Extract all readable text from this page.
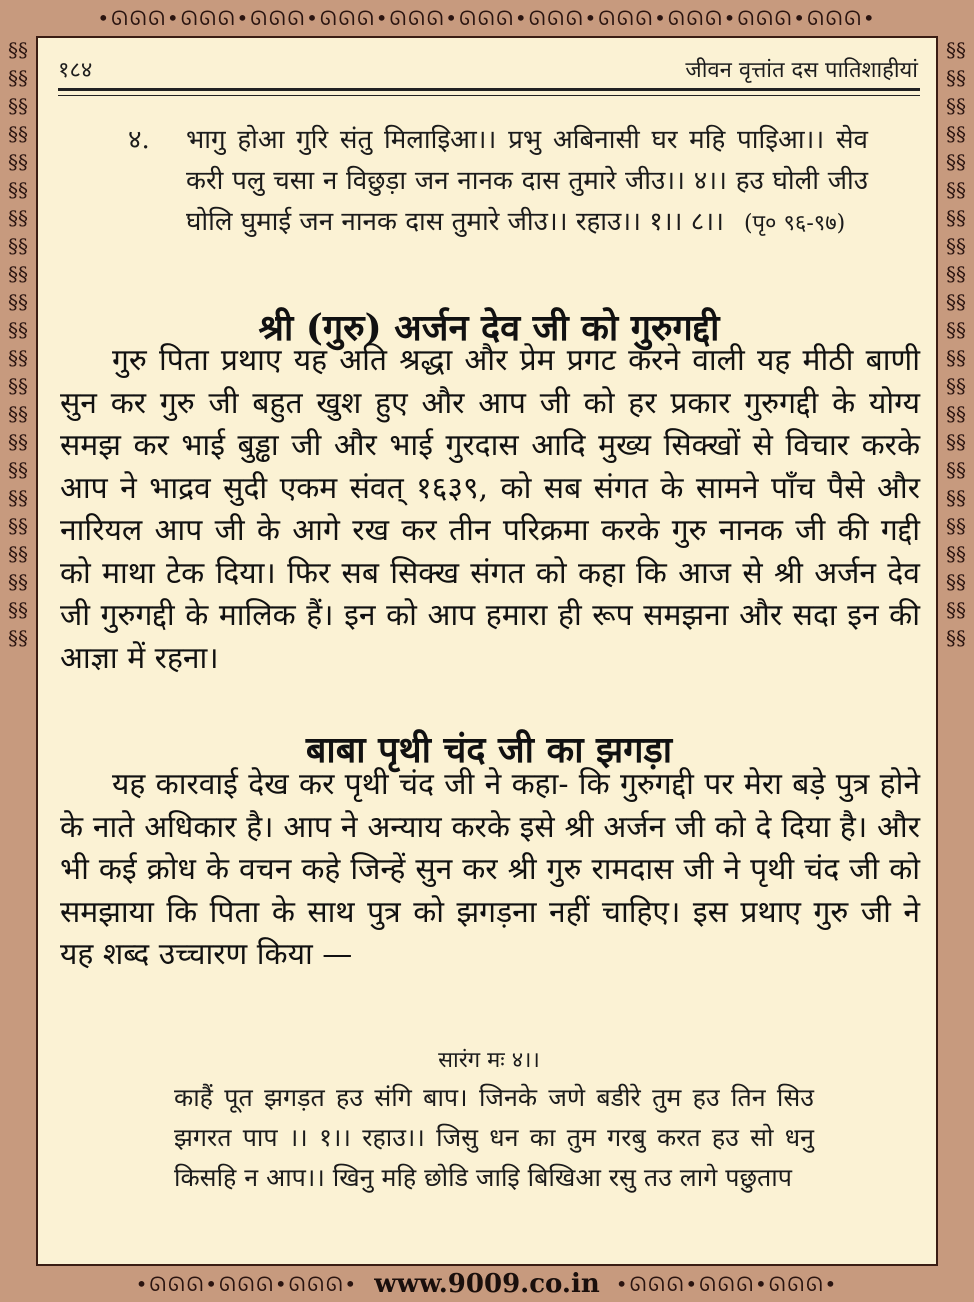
•ᘏᘏᘏ•ᘏᘏᘏ•ᘏᘏᘏ•ᘏᘏᘏ•ᘏᘏᘏ•ᘏᘏᘏ•ᘏᘏᘏ•ᘏᘏᘏ•ᘏᘏᘏ•ᘏᘏᘏ•ᘏᘏᘏ•
§§§§§§§§§§§§§§§§§§§§§§§§§§§§§§§§§§§§§§§§§§§§
§§§§§§§§§§§§§§§§§§§§§§§§§§§§§§§§§§§§§§§§§§§§
•ᘏᘏᘏ•ᘏᘏᘏ•ᘏᘏᘏ• www.9009.co.in •ᘏᘏᘏ•ᘏᘏᘏ•ᘏᘏᘏ•
१८४	जीवन वृत्तांत दस पातिशाहीयां
४. भागु होआ गुरि संतु मिलाइिआ।। प्रभु अबिनासी घर महि पाइिआ।। सेव करी पलु चसा न विछुड़ा जन नानक दास तुमारे जीउ।। ४।। हउ घोली जीउ घोलि घुमाई जन नानक दास तुमारे जीउ।। रहाउ।। १।। ८।। (पृ० ९६-९७)
श्री (गुरु) अर्जन देव जी को गुरुगद्दी
गुरु पिता प्रथाए यह अति श्रद्धा और प्रेम प्रगट करने वाली यह मीठी बाणी सुन कर गुरु जी बहुत खुश हुए और आप जी को हर प्रकार गुरुगद्दी के योग्य समझ कर भाई बुड्ढा जी और भाई गुरदास आदि मुख्य सिक्खों से विचार करके आप ने भाद्रव सुदी एकम संवत् १६३९, को सब संगत के सामने पाँच पैसे और नारियल आप जी के आगे रख कर तीन परिक्रमा करके गुरु नानक जी की गद्दी को माथा टेक दिया। फिर सब सिक्ख संगत को कहा कि आज से श्री अर्जन देव जी गुरुगद्दी के मालिक हैं। इन को आप हमारा ही रूप समझना और सदा इन की आज्ञा में रहना।
बाबा पृथी चंद जी का झगड़ा
यह कारवाई देख कर पृथी चंद जी ने कहा- कि गुरुगद्दी पर मेरा बड़े पुत्र होने के नाते अधिकार है। आप ने अन्याय करके इसे श्री अर्जन जी को दे दिया है। और भी कई क्रोध के वचन कहे जिन्हें सुन कर श्री गुरु रामदास जी ने पृथी चंद जी को समझाया कि पिता के साथ पुत्र को झगड़ना नहीं चाहिए। इस प्रथाए गुरु जी ने यह शब्द उच्चारण किया —
सारंग मः ४।।
काहैं पूत झगड़त हउ संगि बाप। जिनके जणे बडीरे तुम हउ तिन सिउ झगरत पाप ।। १।। रहाउ।। जिसु धन का तुम गरबु करत हउ सो धनु किसहि न आप।। खिनु महि छोडि जाइि बिखिआ रसु तउ लागे पछुताप
